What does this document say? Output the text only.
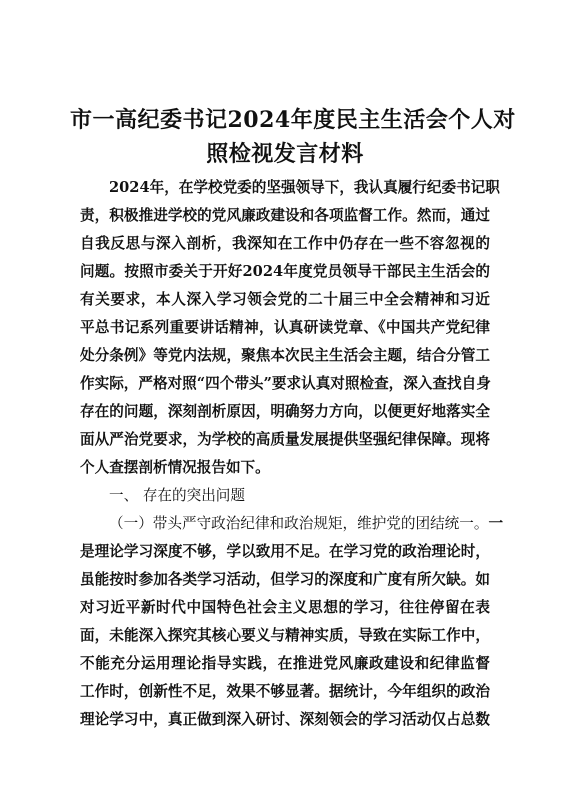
市一高纪委书记2024年度民主生活会个人对
照检视发言材料
2024年，在学校党委的坚强领导下，我认真履行纪委书记职
责，积极推进学校的党风廉政建设和各项监督工作。然而，通过
自我反思与深入剖析，我深知在工作中仍存在一些不容忽视的
问题。按照市委关于开好2024年度党员领导干部民主生活会的
有关要求，本人深入学习领会党的二十届三中全会精神和习近
平总书记系列重要讲话精神，认真研读党章、《中国共产党纪律
处分条例》等党内法规，聚焦本次民主生活会主题，结合分管工
作实际，严格对照“四个带头”要求认真对照检查，深入查找自身
存在的问题，深刻剖析原因，明确努力方向，以便更好地落实全
面从严治党要求，为学校的高质量发展提供坚强纪律保障。现将
个人查摆剖析情况报告如下。
一、 存在的突出问题
（一）带头严守政治纪律和政治规矩，维护党的团结统一。一
是理论学习深度不够，学以致用不足。在学习党的政治理论时，
虽能按时参加各类学习活动，但学习的深度和广度有所欠缺。如
对习近平新时代中国特色社会主义思想的学习，往往停留在表
面，未能深入探究其核心要义与精神实质，导致在实际工作中，
不能充分运用理论指导实践，在推进党风廉政建设和纪律监督
工作时，创新性不足，效果不够显著。据统计，今年组织的政治
理论学习中，真正做到深入研讨、深刻领会的学习活动仅占总数
